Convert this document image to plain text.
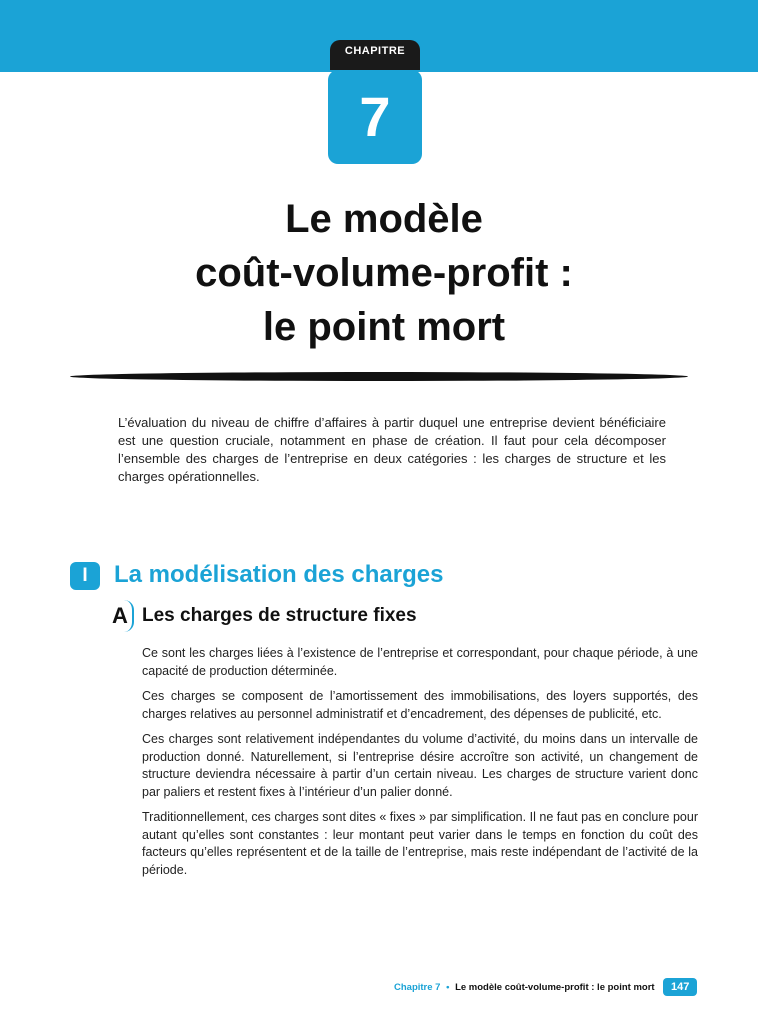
CHAPITRE
7
Le modèle
coût-volume-profit :
le point mort

L’évaluation du niveau de chiffre d’affaires à partir duquel une entreprise devient bénéficiaire est une question cruciale, notamment en phase de création. Il faut pour cela décomposer l’ensemble des charges de l’entreprise en deux catégories : les charges de structure et les charges opérationnelles.

I	La modélisation des charges
A Les charges de structure fixes

Ce sont les charges liées à l’existence de l’entreprise et correspondant, pour chaque période, à une capacité de production déterminée.

Ces charges se composent de l’amortissement des immobilisations, des loyers supportés, des charges relatives au personnel administratif et d’encadrement, des dépenses de publicité, etc.

Ces charges sont relativement indépendantes du volume d’activité, du moins dans un intervalle de production donné. Naturellement, si l’entreprise désire accroître son activité, un changement de structure deviendra nécessaire à partir d’un certain niveau. Les charges de structure varient donc par paliers et restent fixes à l’intérieur d’un palier donné.

Traditionnellement, ces charges sont dites « fixes » par simplification. Il ne faut pas en conclure pour autant qu’elles sont constantes : leur montant peut varier dans le temps en fonction du coût des facteurs qu’elles représentent et de la taille de l’entreprise, mais reste indépendant de l’activité de la période.

Chapitre 7 • Le modèle coût-volume-profit : le point mort 147
